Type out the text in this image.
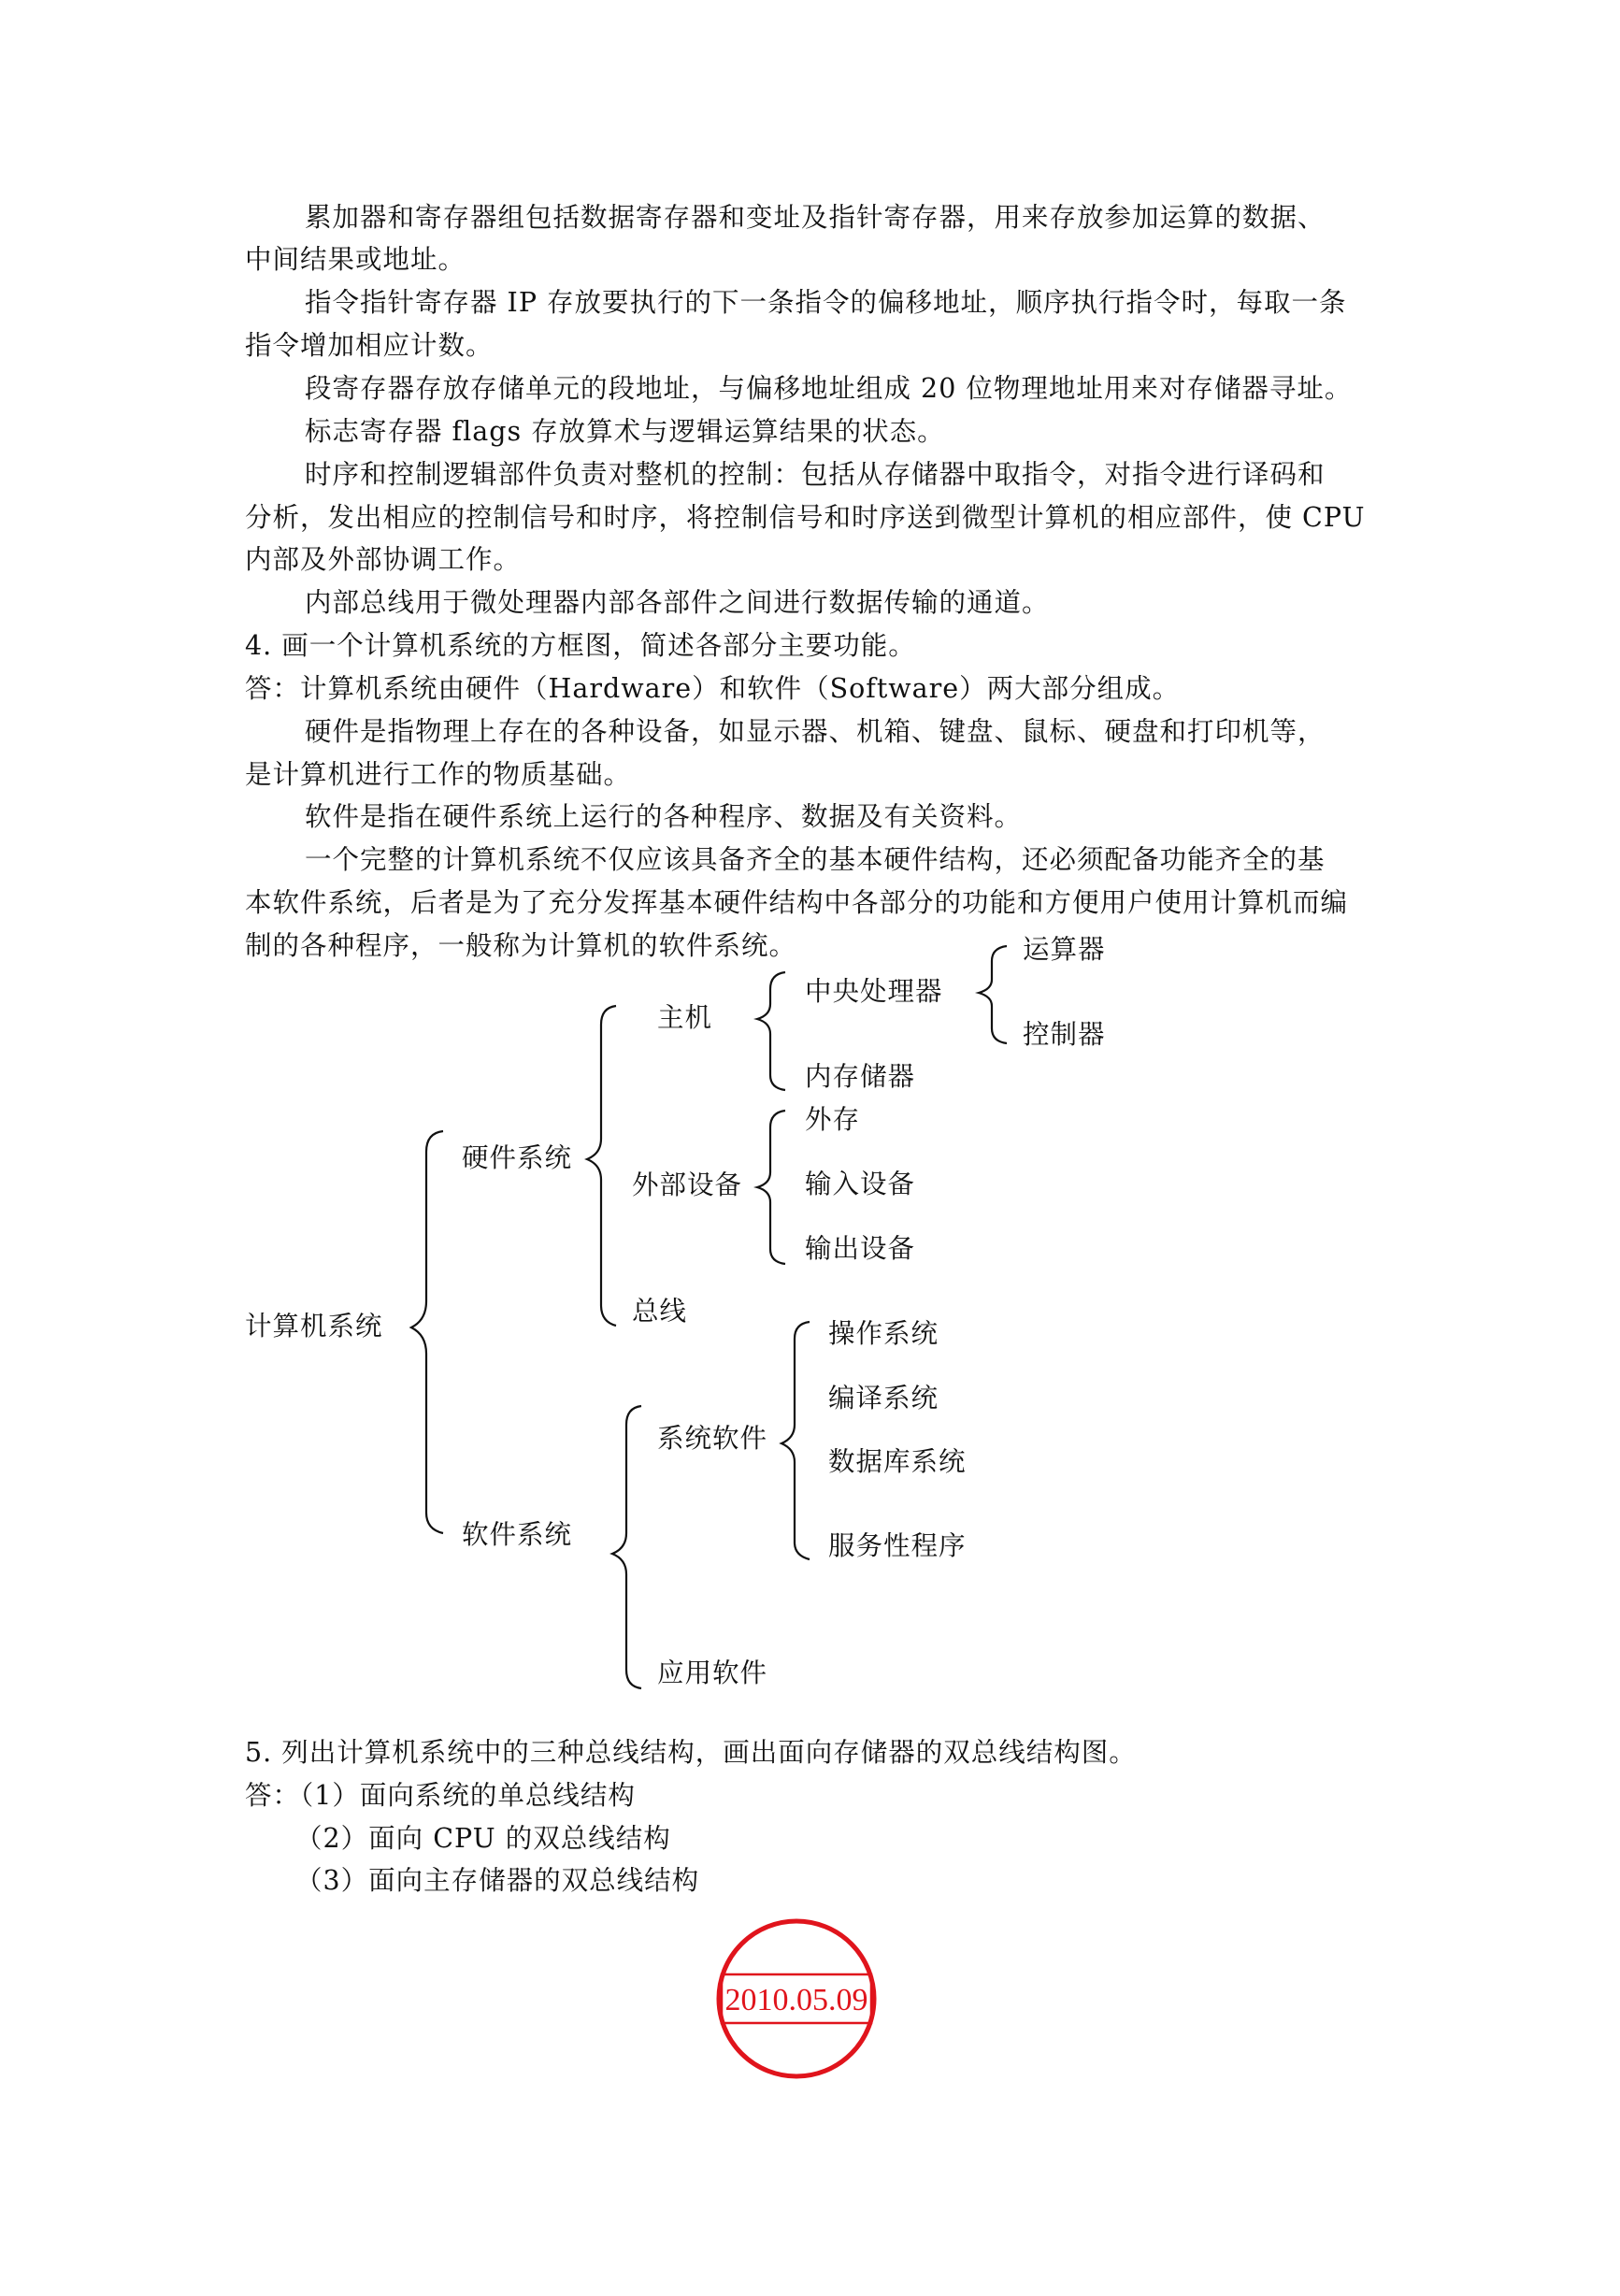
累加器和寄存器组包括数据寄存器和变址及指针寄存器，用来存放参加运算的数据、
中间结果或地址。
指令指针寄存器 IP 存放要执行的下一条指令的偏移地址，顺序执行指令时，每取一条
指令增加相应计数。
段寄存器存放存储单元的段地址，与偏移地址组成 20 位物理地址用来对存储器寻址。
标志寄存器 flags 存放算术与逻辑运算结果的状态。
时序和控制逻辑部件负责对整机的控制：包括从存储器中取指令，对指令进行译码和
分析，发出相应的控制信号和时序，将控制信号和时序送到微型计算机的相应部件，使 CPU
内部及外部协调工作。
内部总线用于微处理器内部各部件之间进行数据传输的通道。
4. 画一个计算机系统的方框图，简述各部分主要功能。
答：计算机系统由硬件（Hardware）和软件（Software）两大部分组成。
硬件是指物理上存在的各种设备，如显示器、机箱、键盘、鼠标、硬盘和打印机等，
是计算机进行工作的物质基础。
软件是指在硬件系统上运行的各种程序、数据及有关资料。
一个完整的计算机系统不仅应该具备齐全的基本硬件结构，还必须配备功能齐全的基
本软件系统，后者是为了充分发挥基本硬件结构中各部分的功能和方便用户使用计算机而编
制的各种程序，一般称为计算机的软件系统。
计算机系统
硬件系统
主机
中央处理器
运算器
控制器
内存储器
外部设备
外存
输入设备
输出设备
总线
软件系统
系统软件
操作系统
编译系统
数据库系统
服务性程序
应用软件
5. 列出计算机系统中的三种总线结构，画出面向存储器的双总线结构图。
答：（1）面向系统的单总线结构
（2）面向 CPU 的双总线结构
（3）面向主存储器的双总线结构
2010.05.09
